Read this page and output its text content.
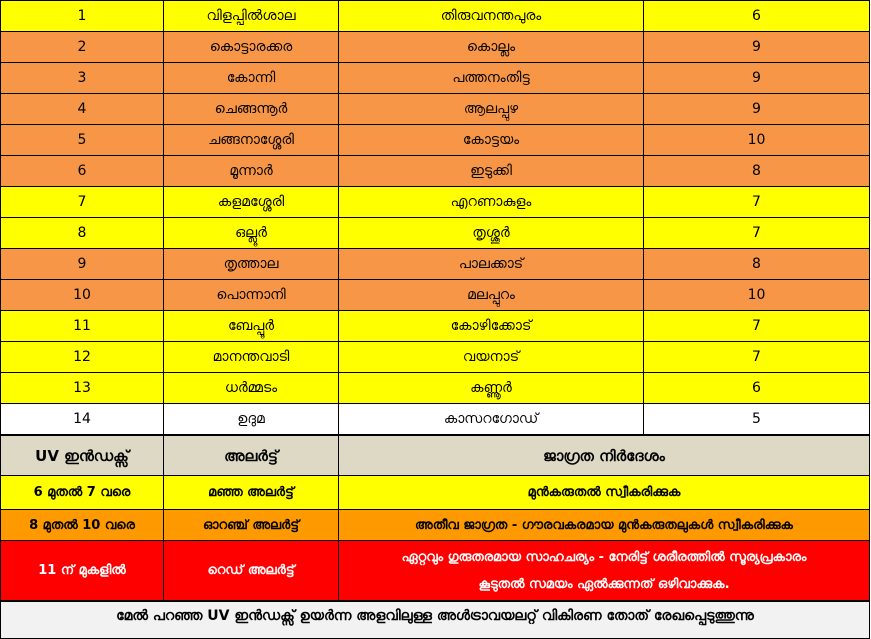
1	വിളപ്പിൽശാല	തിരുവനന്തപുരം	6
2	കൊട്ടാരക്കര	കൊല്ലം	9
3	കോന്നി	പത്തനംതിട്ട	9
4	ചെങ്ങന്നൂർ	ആലപ്പുഴ	9
5	ചങ്ങനാശ്ശേരി	കോട്ടയം	10
6	മൂന്നാർ	ഇടുക്കി	8
7	കളമശ്ശേരി	എറണാകുളം	7
8	ഒല്ലൂർ	തൃശ്ശൂർ	7
9	തൃത്താല	പാലക്കാട്	8
10	പൊന്നാനി	മലപ്പുറം	10
11	ബേപ്പൂർ	കോഴിക്കോട്	7
12	മാനന്തവാടി	വയനാട്	7
13	ധർമ്മടം	കണ്ണൂർ	6
14	ഉദുമ	കാസറഗോഡ്	5
UV ഇൻഡക്സ്	അലർട്ട്	ജാഗ്രത നിർദേശം	
6 മുതൽ 7 വരെ	മഞ്ഞ അലർട്ട്	മുൻകരുതൽ സ്വീകരിക്കുക	

8 മുതൽ 10 വരെ	ഓറഞ്ച് അലർട്ട്	അതീവ ജാഗ്രത - ഗൗരവകരമായ മുൻകരുതലുകൾ സ്വീകരിക്കുക	

11 ന് മുകളിൽ	റെഡ് അലർട്ട്	ഏറ്റവും ഗുരുതരമായ സാഹചര്യം - നേരിട്ട് ശരീരത്തിൽ സൂര്യപ്രകാരം
കൂടുതൽ സമയം ഏൽക്കുന്നത് ഒഴിവാക്കുക.	

മേൽ പറഞ്ഞ UV ഇൻഡക്സ് ഉയർന്ന അളവിലുള്ള അൾട്രാവയലറ്റ് വികിരണ തോത് രേഖപ്പെടുത്തുന്നു			
